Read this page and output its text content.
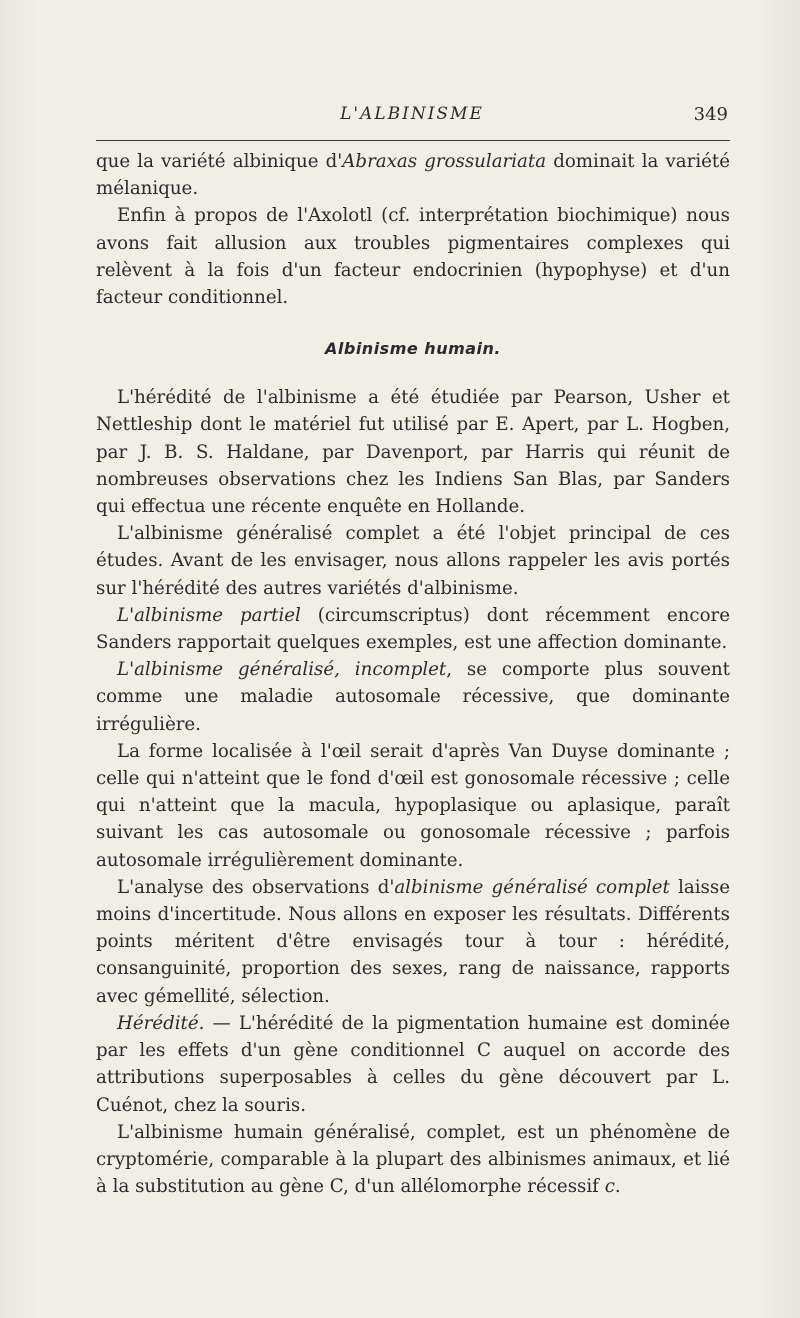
L'ALBINISME	349

que la variété albinique d'Abraxas grossulariata dominait la variété mélanique.

Enfin à propos de l'Axolotl (cf. interprétation biochimique) nous avons fait allusion aux troubles pigmentaires complexes qui relèvent à la fois d'un facteur endocrinien (hypophyse) et d'un facteur conditionnel.

Albinisme humain.

L'hérédité de l'albinisme a été étudiée par Pearson, Usher et Nettleship dont le matériel fut utilisé par E. Apert, par L. Hogben, par J. B. S. Haldane, par Davenport, par Harris qui réunit de nombreuses observations chez les Indiens San Blas, par Sanders qui effectua une récente enquête en Hollande.

L'albinisme généralisé complet a été l'objet principal de ces études. Avant de les envisager, nous allons rappeler les avis portés sur l'hérédité des autres variétés d'albinisme.

L'albinisme partiel (circumscriptus) dont récemment encore Sanders rapportait quelques exemples, est une affection dominante.

L'albinisme généralisé, incomplet, se comporte plus souvent comme une maladie autosomale récessive, que dominante irrégulière.

La forme localisée à l'œil serait d'après Van Duyse dominante ; celle qui n'atteint que le fond d'œil est gonosomale récessive ; celle qui n'atteint que la macula, hypoplasique ou aplasique, paraît suivant les cas autosomale ou gonosomale récessive ; parfois autosomale irrégulièrement dominante.

L'analyse des observations d'albinisme généralisé complet laisse moins d'incertitude. Nous allons en exposer les résultats. Différents points méritent d'être envisagés tour à tour : hérédité, consanguinité, proportion des sexes, rang de naissance, rapports avec gémellité, sélection.

Hérédité. — L'hérédité de la pigmentation humaine est dominée par les effets d'un gène conditionnel C auquel on accorde des attributions superposables à celles du gène découvert par L. Cuénot, chez la souris.

L'albinisme humain généralisé, complet, est un phénomène de cryptomérie, comparable à la plupart des albinismes animaux, et lié à la substitution au gène C, d'un allélomorphe récessif c.
